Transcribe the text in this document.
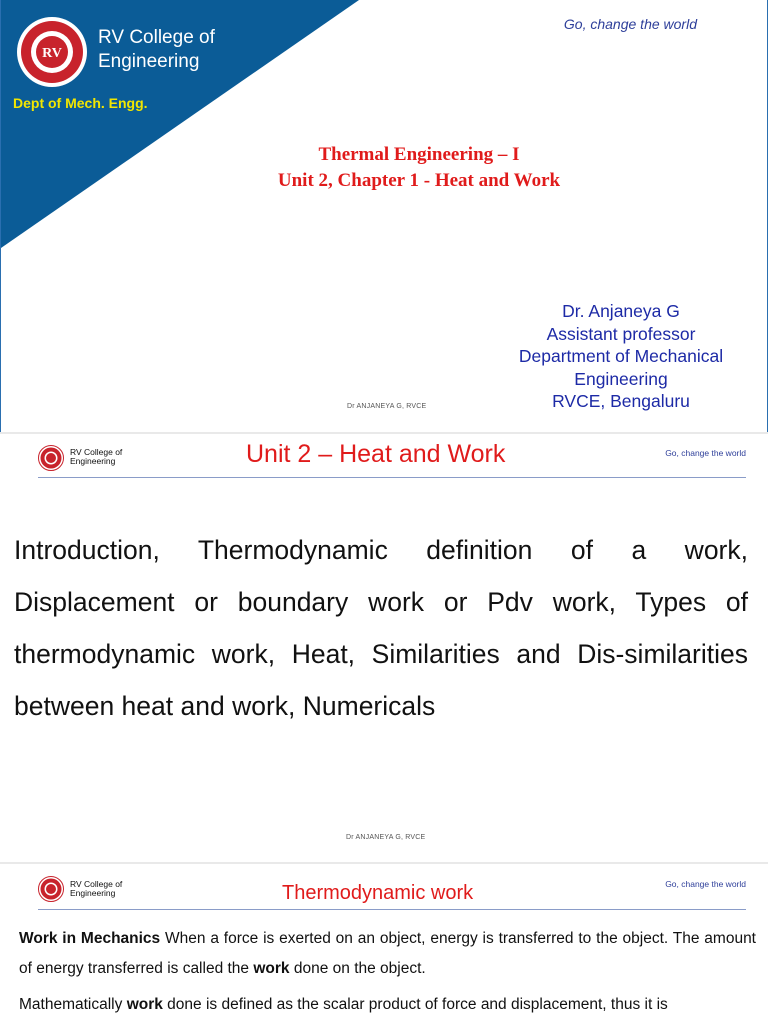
RV
RV College of
Engineering
Dept of Mech. Engg.
Go, change the world
Thermal Engineering – I
Unit 2, Chapter 1 - Heat and Work
Dr. Anjaneya G
Assistant professor
Department of Mechanical
Engineering
RVCE, Bengaluru
Dr ANJANEYA G, RVCE
RV College of
Engineering	Unit 2 – Heat and Work	Go, change the world
Introduction, Thermodynamic definition of a work, Displacement or boundary work or Pdv work, Types of thermodynamic work, Heat, Similarities and Dis-similarities between heat and work, Numericals
Dr ANJANEYA G, RVCE
RV College of
Engineering	Thermodynamic work	Go, change the world
Work in Mechanics When a force is exerted on an object, energy is transferred to the object. The amount of energy transferred is called the work done on the object.
Mathematically work done is defined as the scalar product of force and displacement, thus it is
